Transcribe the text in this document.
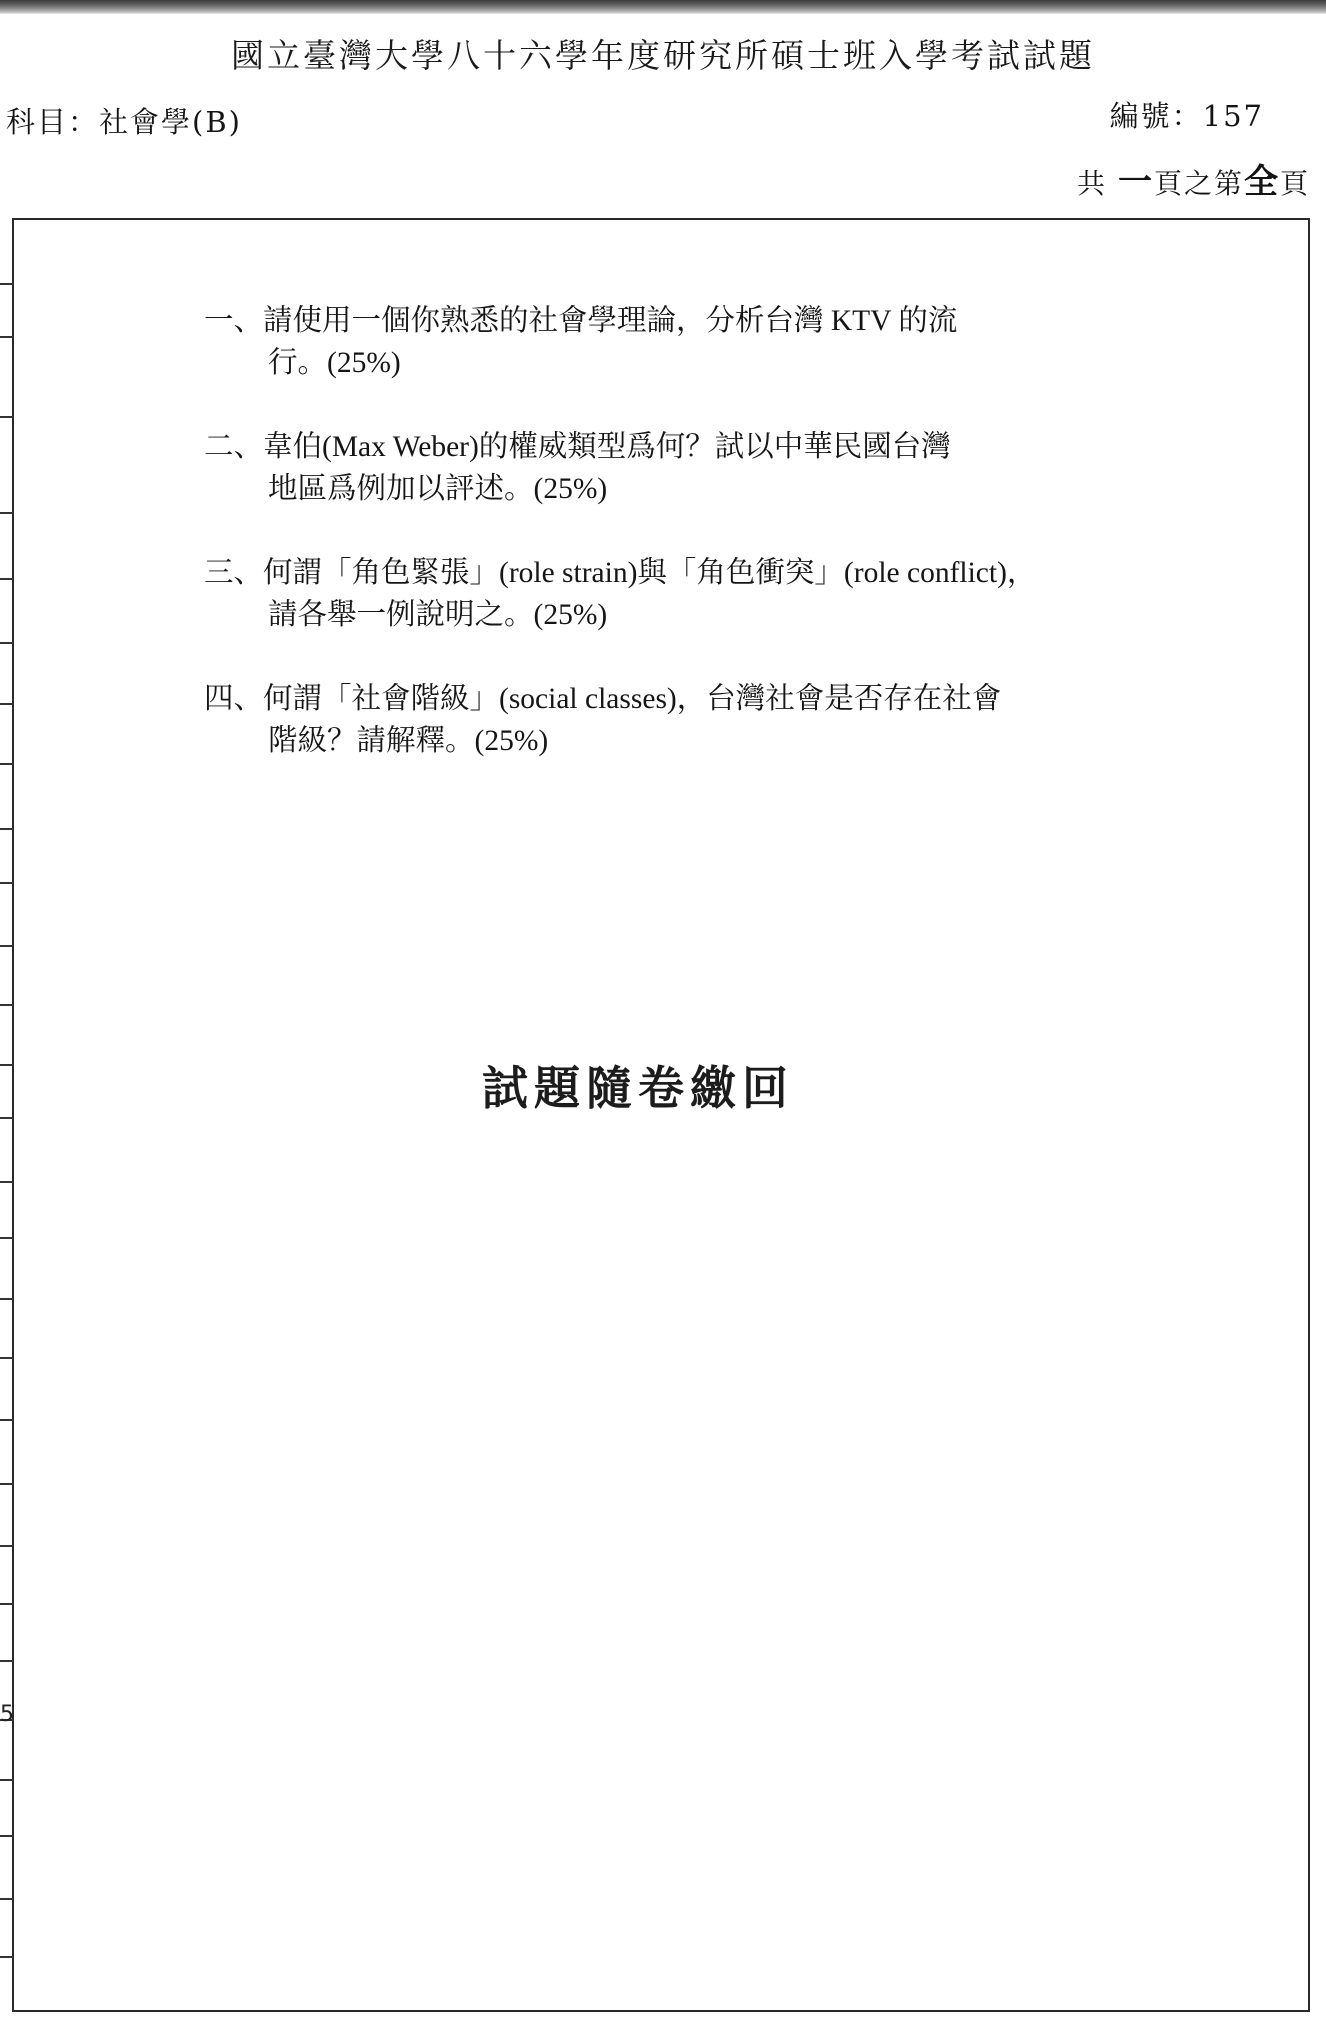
國立臺灣大學八十六學年度研究所碩士班入學考試試題
科目：社會學(B)	編號：157
共 一頁之第全頁
5
一、請使用一個你熟悉的社會學理論，分析台灣 KTV 的流
行。(25%)
二、韋伯(Max Weber)的權威類型爲何？試以中華民國台灣
地區爲例加以評述。(25%)
三、何謂「角色緊張」(role strain)與「角色衝突」(role conflict)，
請各舉一例說明之。(25%)
四、何謂「社會階級」(social classes)，台灣社會是否存在社會
階級？請解釋。(25%)
試題隨卷繳回
